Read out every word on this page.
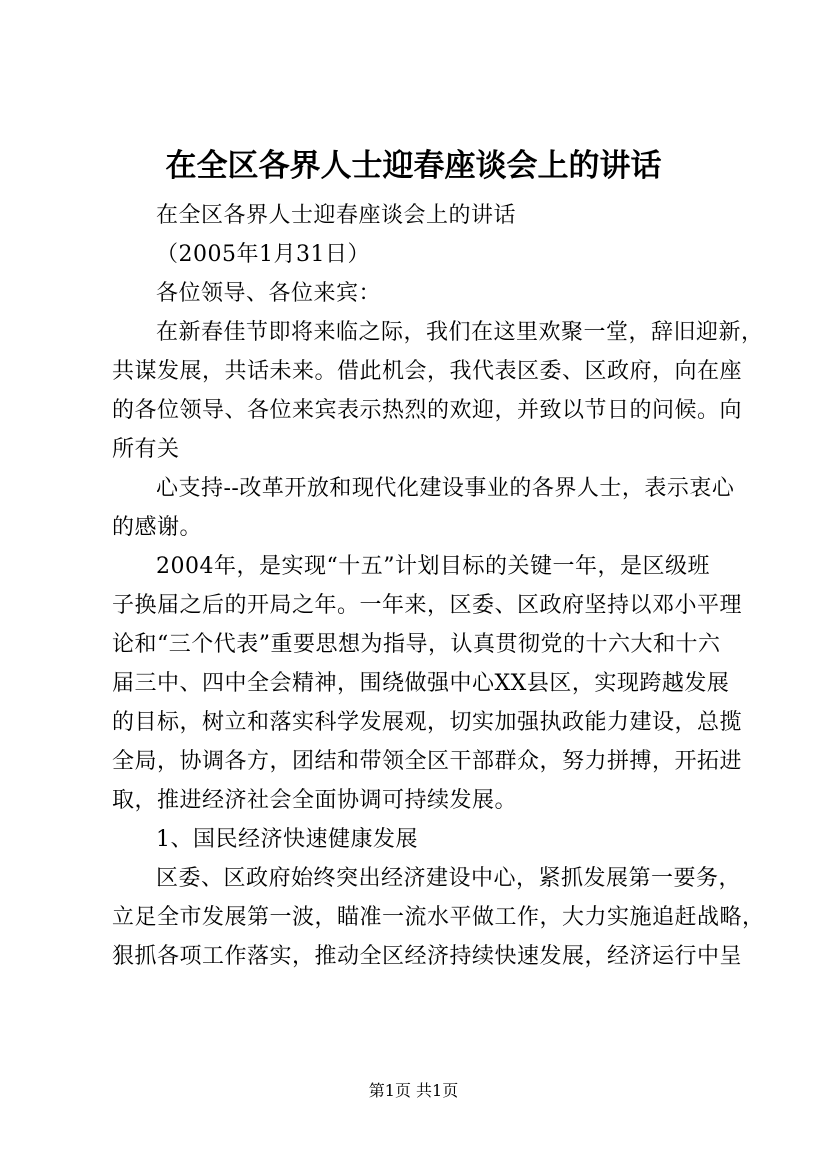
在全区各界人士迎春座谈会上的讲话
在全区各界人士迎春座谈会上的讲话
（2005年1月31日）
各位领导、各位来宾：
在新春佳节即将来临之际，我们在这里欢聚一堂，辞旧迎新，
共谋发展，共话未来。借此机会，我代表区委、区政府，向在座
的各位领导、各位来宾表示热烈的欢迎，并致以节日的问候。向
所有关
心支持--改革开放和现代化建设事业的各界人士，表示衷心
的感谢。
2004年，是实现“十五”计划目标的关键一年，是区级班
子换届之后的开局之年。一年来，区委、区政府坚持以邓小平理
论和“三个代表”重要思想为指导，认真贯彻党的十六大和十六
届三中、四中全会精神，围绕做强中心XX县区，实现跨越发展
的目标，树立和落实科学发展观，切实加强执政能力建设，总揽
全局，协调各方，团结和带领全区干部群众，努力拼搏，开拓进
取，推进经济社会全面协调可持续发展。
1、国民经济快速健康发展
区委、区政府始终突出经济建设中心，紧抓发展第一要务，
立足全市发展第一波，瞄准一流水平做工作，大力实施追赶战略，
狠抓各项工作落实，推动全区经济持续快速发展，经济运行中呈
第1页 共1页
